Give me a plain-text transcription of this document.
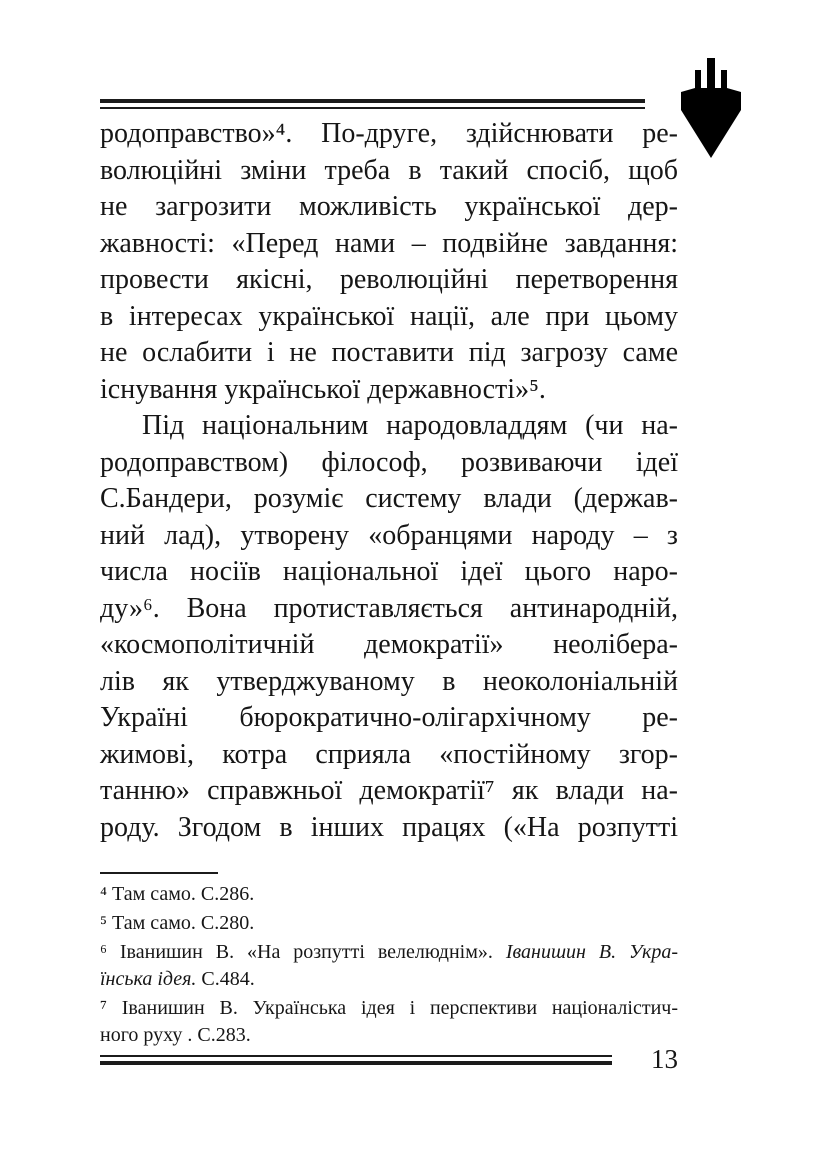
родоправство»⁴. По-друге, здійснювати ре-
волюційні зміни треба в такий спосіб, щоб
не загрозити можливість української дер-
жавності: «Перед нами – подвійне завдання:
провести якісні, революційні перетворення
в інтересах української нації, але при цьому
не ослабити і не поставити під загрозу саме
існування української державності»⁵.
Під національним народовладдям (чи на-
родоправством) філософ, розвиваючи ідеї
С.Бандери, розуміє систему влади (держав-
ний лад), утворену «обранцями народу – з
числа носіїв національної ідеї цього наро-
ду»⁶. Вона протиставляється антинародній,
«космополітичній демократії» неолібера-
лів як утверджуваному в неоколоніальній
Україні бюрократично-олігархічному ре-
жимові, котра сприяла «постійному згор-
танню» справжньої демократії⁷ як влади на-
роду. Згодом в інших працях («На розпутті
⁴ Там само. С.286.
⁵ Там само. С.280.
⁶ Іванишин В. «На розпутті велелюднім». Іванишин В. Укра-
їнська ідея. С.484.
⁷ Іванишин В. Українська ідея і перспективи націоналістич-
ного руху . С.283.
13
